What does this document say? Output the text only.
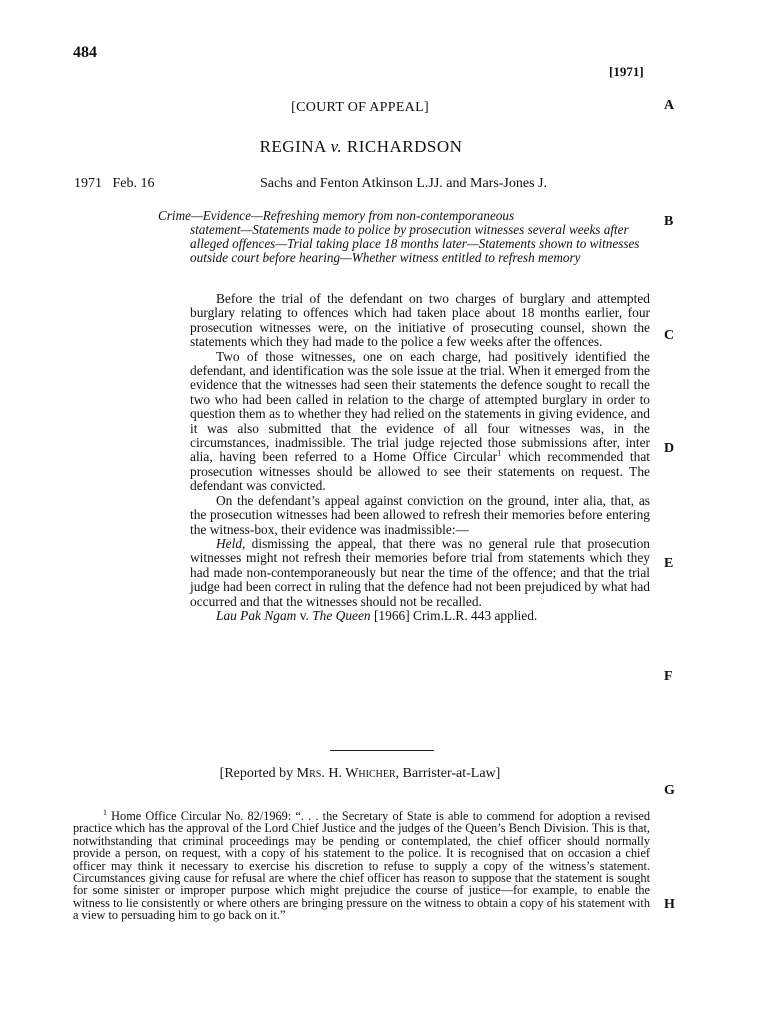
484
[1971]
[COURT OF APPEAL]
REGINA v. RICHARDSON
1971 Feb. 16	Sachs and Fenton Atkinson L.JJ. and Mars-Jones J.
A
B
C
D
E
F
G
H

Crime—Evidence—Refreshing memory from non-contemporaneous

statement—Statements made to police by prosecution witnesses several weeks after alleged offences—Trial taking place 18 months later—Statements shown to witnesses outside court before hearing—Whether witness entitled to refresh memory

Before the trial of the defendant on two charges of burglary and attempted burglary relating to offences which had taken place about 18 months earlier, four prosecution witnesses were, on the initiative of prosecuting counsel, shown the statements which they had made to the police a few weeks after the offences.

Two of those witnesses, one on each charge, had positively identified the defendant, and identification was the sole issue at the trial. When it emerged from the evidence that the witnesses had seen their statements the defence sought to recall the two who had been called in relation to the charge of attempted burglary in order to question them as to whether they had relied on the statements in giving evidence, and it was also submitted that the evidence of all four witnesses was, in the circumstances, inadmissible. The trial judge rejected those submissions after, inter alia, having been referred to a Home Office Circular$^1$ which recommended that prosecution witnesses should be allowed to see their statements on request. The defendant was convicted.

On the defendant’s appeal against conviction on the ground, inter alia, that, as the prosecution witnesses had been allowed to refresh their memories before entering the witness-box, their evidence was inadmissible:—

Held, dismissing the appeal, that there was no general rule that prosecution witnesses might not refresh their memories before trial from statements which they had made non-contemporaneously but near the time of the offence; and that the trial judge had been correct in ruling that the defence had not been prejudiced by what had occurred and that the witnesses should not be recalled.

Lau Pak Ngam v. The Queen [1966] Crim.L.R. 443 applied.

[Reported by Mrs. H. Whicher, Barrister-at-Law]

$^1$ Home Office Circular No. 82/1969: “. . . the Secretary of State is able to commend for adoption a revised practice which has the approval of the Lord Chief Justice and the judges of the Queen’s Bench Division. This is that, notwithstanding that criminal proceedings may be pending or contemplated, the chief officer should normally provide a person, on request, with a copy of his statement to the police. It is recognised that on occasion a chief officer may think it necessary to exercise his discretion to refuse to supply a copy of the witness’s statement. Circumstances giving cause for refusal are where the chief officer has reason to suppose that the statement is sought for some sinister or improper purpose which might prejudice the course of justice—for example, to enable the witness to lie consistently or where others are bringing pressure on the witness to obtain a copy of his statement with a view to persuading him to go back on it.”
